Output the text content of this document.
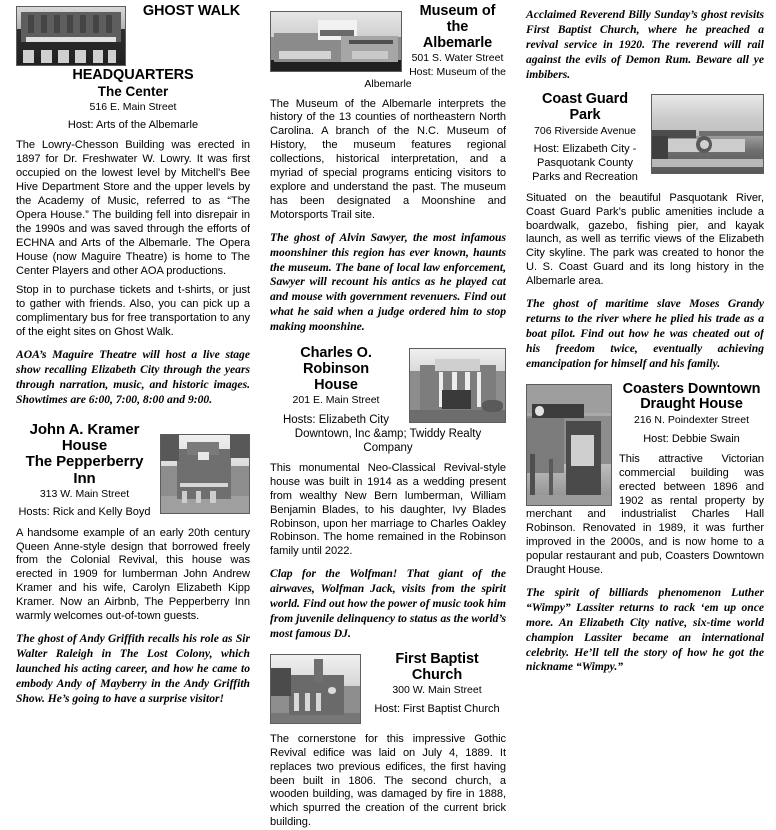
GHOST WALK
HEADQUARTERS
The Center
516 E. Main Street
Host: Arts of the Albemarle

The Lowry-Chesson Building was erected in 1897 for Dr. Freshwater W. Lowry. It was first occupied on the lowest level by Mitchell's Bee Hive Department Store and the upper levels by the Academy of Music, referred to as “The Opera House.” The building fell into disrepair in the 1990s and was saved through the efforts of ECHNA and Arts of the Albemarle. The Opera House (now Maguire Theatre) is home to The Center Players and other AOA productions.

Stop in to purchase tickets and t-shirts, or just to gather with friends. Also, you can pick up a complimentary bus for free transportation to any of the eight sites on Ghost Walk.

AOA’s Maguire Theatre will host a live stage show recalling Elizabeth City through the years through narration, music, and historic images. Showtimes are 6:00, 7:00, 8:00 and 9:00.

John A. Kramer House
The Pepperberry Inn
313 W. Main Street
Hosts: Rick and Kelly Boyd

A handsome example of an early 20th century Queen Anne-style design that borrowed freely from the Colonial Revival, this house was erected in 1909 for lumberman John Andrew Kramer and his wife, Carolyn Elizabeth Kipp Kramer. Now an Airbnb, The Pepperberry Inn warmly welcomes out-of-town guests.

The ghost of Andy Griffith recalls his role as Sir Walter Raleigh in The Lost Colony, which launched his acting career, and how he came to embody Andy of Mayberry in the Andy Griffith Show. He’s going to have a surprise visitor!

Museum of the
Albemarle
501 S. Water Street
Host: Museum of the Albemarle

The Museum of the Albemarle interprets the history of the 13 counties of northeastern North Carolina. A branch of the N.C. Museum of History, the museum features regional collections, historical interpretation, and a myriad of special programs enticing visitors to explore and understand the past. The museum has been designated a Moonshine and Motorsports Trail site.

The ghost of Alvin Sawyer, the most infamous moonshiner this region has ever known, haunts the museum. The bane of local law enforcement, Sawyer will recount his antics as he played cat and mouse with government revenuers. Find out what he said when a judge ordered him to stop making moonshine.

Charles O. Robinson
House
201 E. Main Street
Hosts: Elizabeth City Downtown, Inc &amp; Twiddy Realty Company

This monumental Neo-Classical Revival-style house was built in 1914 as a wedding present from wealthy New Bern lumberman, William Benjamin Blades, to his daughter, Ivy Blades Robinson, upon her marriage to Charles Oakley Robinson. The home remained in the Robinson family until 2022.

Clap for the Wolfman! That giant of the airwaves, Wolfman Jack, visits from the spirit world. Find out how the power of music took him from juvenile delinquency to status as the world’s most famous DJ.

First Baptist
Church
300 W. Main Street
Host: First Baptist Church

The cornerstone for this impressive Gothic Revival edifice was laid on July 4, 1889. It replaces two previous edifices, the first having been built in 1806. The second church, a wooden building, was damaged by fire in 1888, which spurred the creation of the current brick building.

Acclaimed Reverend Billy Sunday’s ghost revisits First Baptist Church, where he preached a revival service in 1920. The reverend will rail against the evils of Demon Rum. Beware all ye imbibers.

Coast Guard
Park
706 Riverside Avenue
Host: Elizabeth City - Pasquotank County Parks and Recreation

Situated on the beautiful Pasquotank River, Coast Guard Park’s public amenities include a boardwalk, gazebo, fishing pier, and kayak launch, as well as terrific views of the Elizabeth City skyline. The park was created to honor the U. S. Coast Guard and its long history in the Albemarle area.

The ghost of maritime slave Moses Grandy returns to the river where he plied his trade as a boat pilot. Find out how he was cheated out of his freedom twice, eventually achieving emancipation for himself and his family.

Coasters Downtown
Draught House
216 N. Poindexter Street
Host: Debbie Swain

This attractive Victorian commercial building was erected between 1896 and 1902 as rental property by merchant and industrialist Charles Hall Robinson. Renovated in 1989, it was further improved in the 2000s, and is now home to a popular restaurant and pub, Coasters Downtown Draught House.

The spirit of billiards phenomenon Luther “Wimpy” Lassiter returns to rack ‘em up once more. An Elizabeth City native, six-time world champion Lassiter became an international celebrity. He’ll tell the story of how he got the nickname “Wimpy.”
